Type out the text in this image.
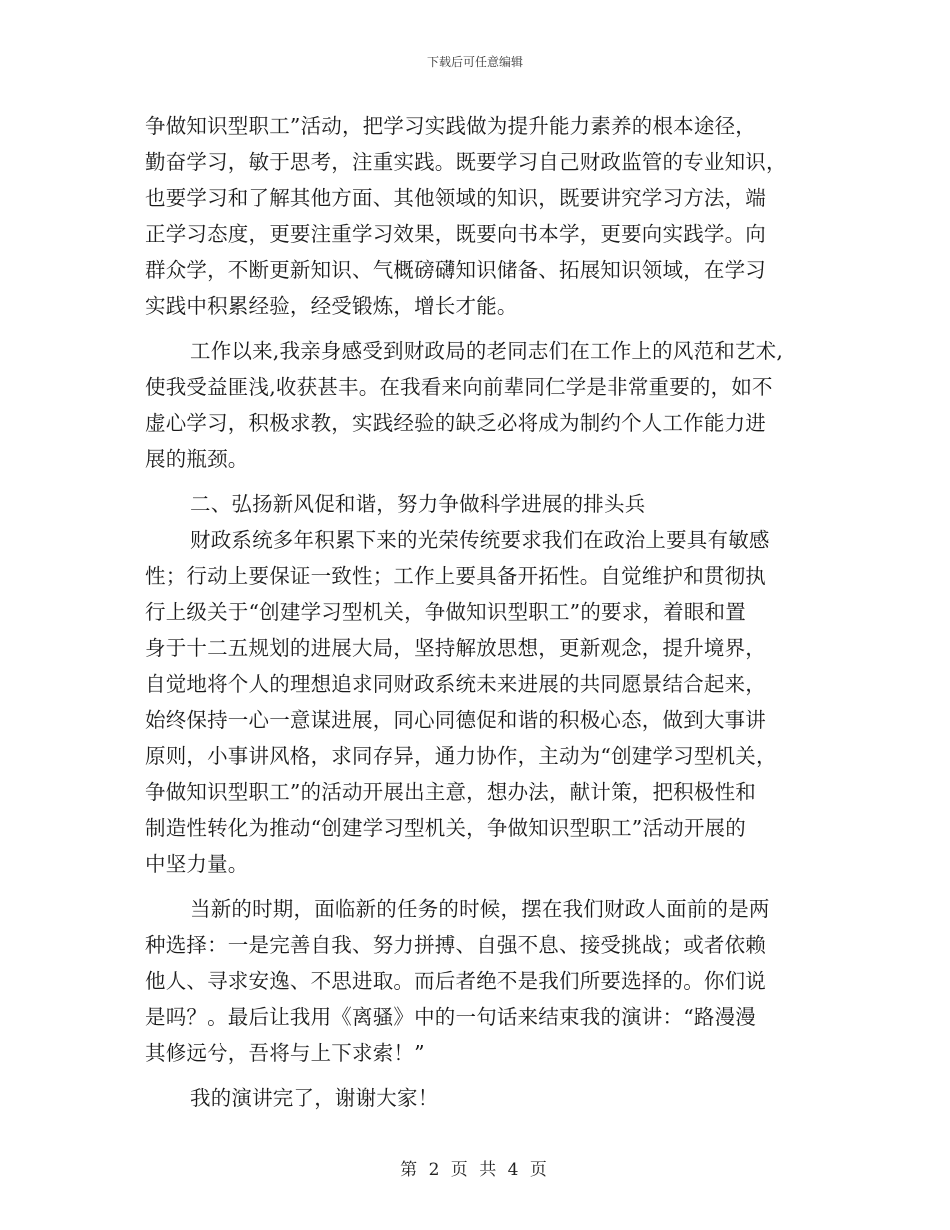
下载后可任意编辑
争做知识型职工”活动，把学习实践做为提升能力素养的根本途径，
勤奋学习，敏于思考，注重实践。既要学习自己财政监管的专业知识，
也要学习和了解其他方面、其他领域的知识，既要讲究学习方法，端
正学习态度，更要注重学习效果，既要向书本学，更要向实践学。向
群众学，不断更新知识、气概磅礴知识储备、拓展知识领域，在学习
实践中积累经验，经受锻炼，增长才能。
工作以来,我亲身感受到财政局的老同志们在工作上的风范和艺术,
使我受益匪浅,收获甚丰。在我看来向前辈同仁学是非常重要的，如不
虚心学习，积极求教，实践经验的缺乏必将成为制约个人工作能力进
展的瓶颈。
二、弘扬新风促和谐，努力争做科学进展的排头兵
财政系统多年积累下来的光荣传统要求我们在政治上要具有敏感
性；行动上要保证一致性；工作上要具备开拓性。自觉维护和贯彻执
行上级关于“创建学习型机关，争做知识型职工”的要求，着眼和置
身于十二五规划的进展大局，坚持解放思想，更新观念，提升境界，
自觉地将个人的理想追求同财政系统未来进展的共同愿景结合起来，
始终保持一心一意谋进展，同心同德促和谐的积极心态，做到大事讲
原则，小事讲风格，求同存异，通力协作，主动为“创建学习型机关，
争做知识型职工”的活动开展出主意，想办法，献计策，把积极性和
制造性转化为推动“创建学习型机关，争做知识型职工”活动开展的
中坚力量。
当新的时期，面临新的任务的时候，摆在我们财政人面前的是两
种选择：一是完善自我、努力拼搏、自强不息、接受挑战；或者依赖
他人、寻求安逸、不思进取。而后者绝不是我们所要选择的。你们说
是吗？。最后让我用《离骚》中的一句话来结束我的演讲：“路漫漫
其修远兮，吾将与上下求索！”
我的演讲完了，谢谢大家！
第 2 页 共 4 页
